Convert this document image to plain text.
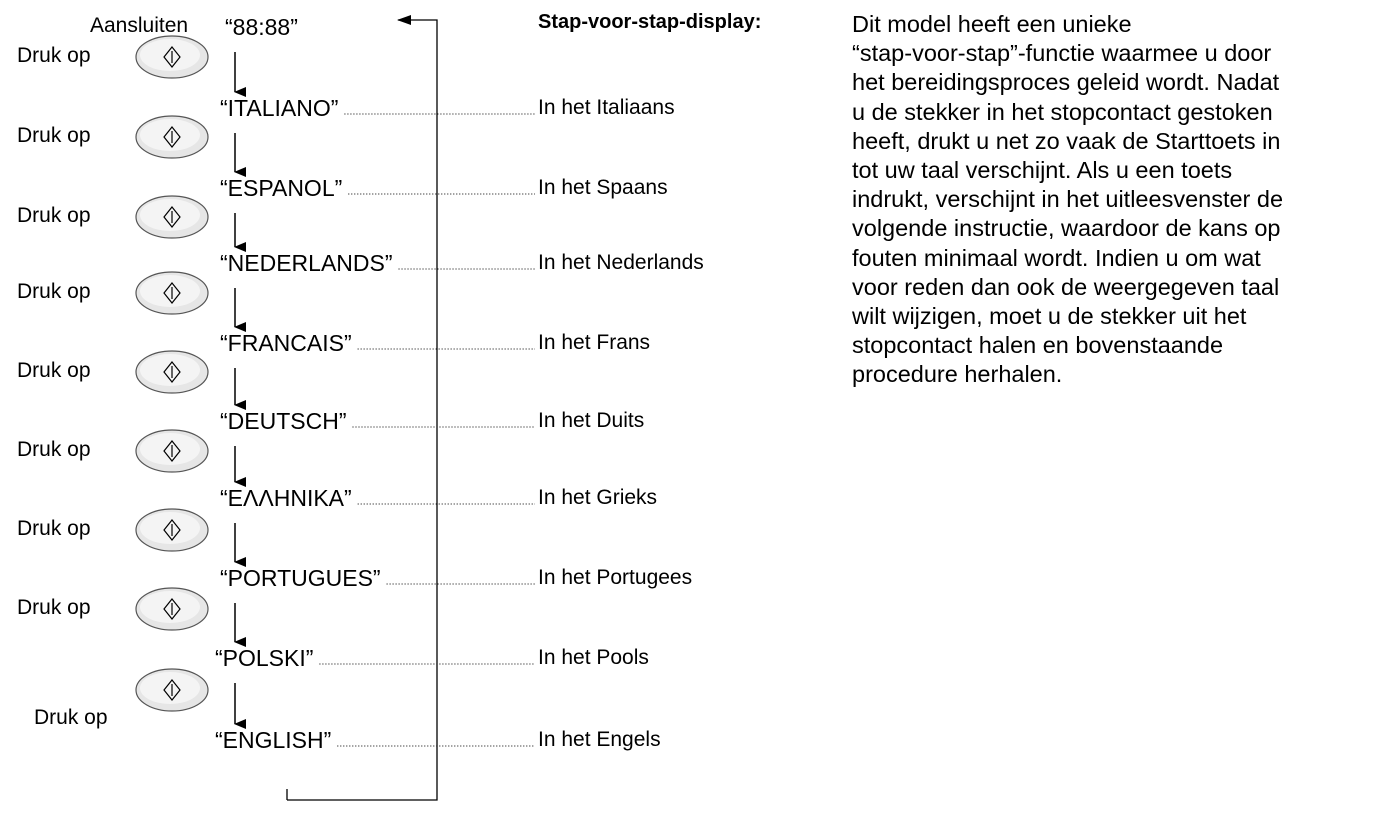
Aansluiten “88:88”
“ITALIANO”	In het Italiaans
“ESPANOL”	In het Spaans
“NEDERLANDS”	In het Nederlands
“FRANCAIS”	In het Frans
“DEUTSCH”	In het Duits
“ΕΛΛΗΝΙΚΑ”	In het Grieks
“PORTUGUES”	In het Portugees
“POLSKI”	In het Pools
“ENGLISH”	In het Engels
Druk op
Druk op
Druk op
Druk op
Druk op
Druk op
Druk op
Druk op
Druk op
Stap-voor-stap-display:	Dit model heeft een unieke
“stap-voor-stap”-functie waarmee u door
het bereidingsproces geleid wordt. Nadat
u de stekker in het stopcontact gestoken
heeft, drukt u net zo vaak de Starttoets in
tot uw taal verschijnt. Als u een toets
indrukt, verschijnt in het uitleesvenster de
volgende instructie, waardoor de kans op
fouten minimaal wordt. Indien u om wat
voor reden dan ook de weergegeven taal
wilt wijzigen, moet u de stekker uit het
stopcontact halen en bovenstaande
procedure herhalen.
